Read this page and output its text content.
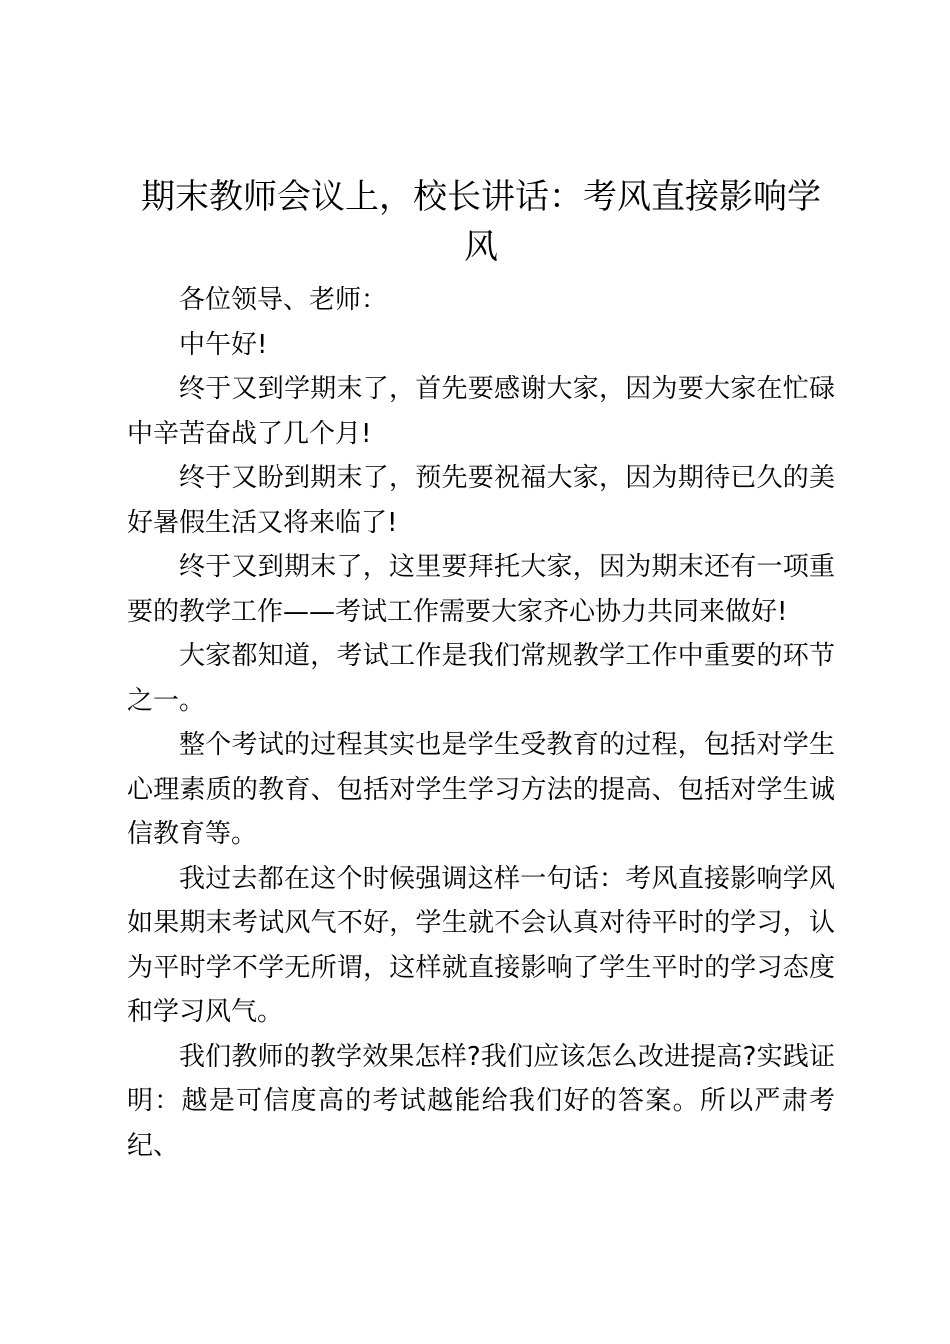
期末教师会议上，校长讲话：考风直接影响学风

各位领导、老师：

中午好!

终于又到学期末了，首先要感谢大家，因为要大家在忙碌中辛苦奋战了几个月!

终于又盼到期末了，预先要祝福大家，因为期待已久的美好暑假生活又将来临了!

终于又到期末了，这里要拜托大家，因为期末还有一项重要的教学工作——考试工作需要大家齐心协力共同来做好!

大家都知道，考试工作是我们常规教学工作中重要的环节之一。

整个考试的过程其实也是学生受教育的过程，包括对学生心理素质的教育、包括对学生学习方法的提高、包括对学生诚信教育等。

我过去都在这个时候强调这样一句话：考风直接影响学风如果期末考试风气不好，学生就不会认真对待平时的学习，认为平时学不学无所谓，这样就直接影响了学生平时的学习态度和学习风气。

我们教师的教学效果怎样?我们应该怎么改进提高?实践证明：越是可信度高的考试越能给我们好的答案。所以严肃考纪、
